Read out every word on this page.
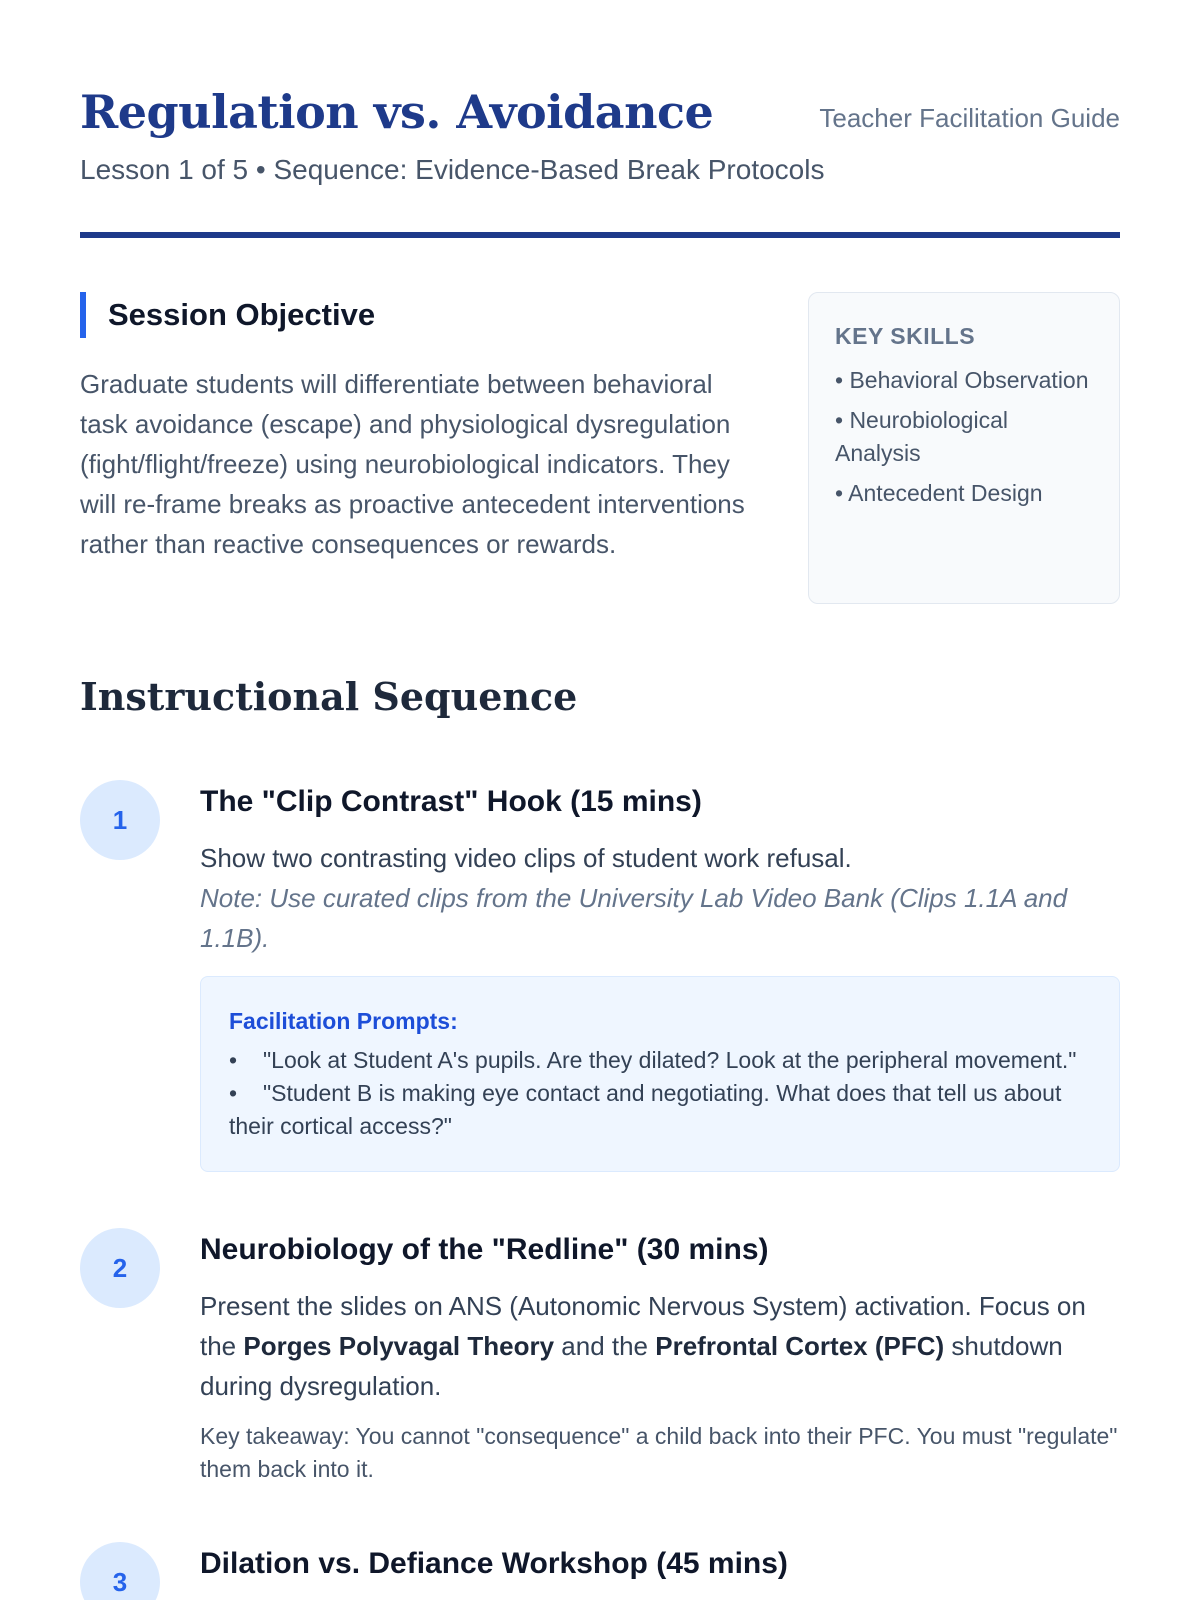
Regulation vs. Avoidance	Teacher Facilitation Guide
Lesson 1 of 5 • Sequence: Evidence-Based Break Protocols
Session Objective

Graduate students will differentiate between behavioral task avoidance (escape) and physiological dysregulation (fight/flight/freeze) using neurobiological indicators. They will re-frame breaks as proactive antecedent interventions rather than reactive consequences or rewards.

KEY SKILLS
• Behavioral Observation
• Neurobiological Analysis
• Antecedent Design
Instructional Sequence
1
The "Clip Contrast" Hook (15 mins)

Show two contrasting video clips of student work refusal.

Note: Use curated clips from the University Lab Video Bank (Clips 1.1A and 1.1B).

Facilitation Prompts:
• "Look at Student A's pupils. Are they dilated? Look at the peripheral movement."
• "Student B is making eye contact and negotiating. What does that tell us about their cortical access?"
2
Neurobiology of the "Redline" (30 mins)

Present the slides on ANS (Autonomic Nervous System) activation. Focus on the Porges Polyvagal Theory and the Prefrontal Cortex (PFC) shutdown during dysregulation.

Key takeaway: You cannot "consequence" a child back into their PFC. You must "regulate" them back into it.

3
Dilation vs. Defiance Workshop (45 mins)
